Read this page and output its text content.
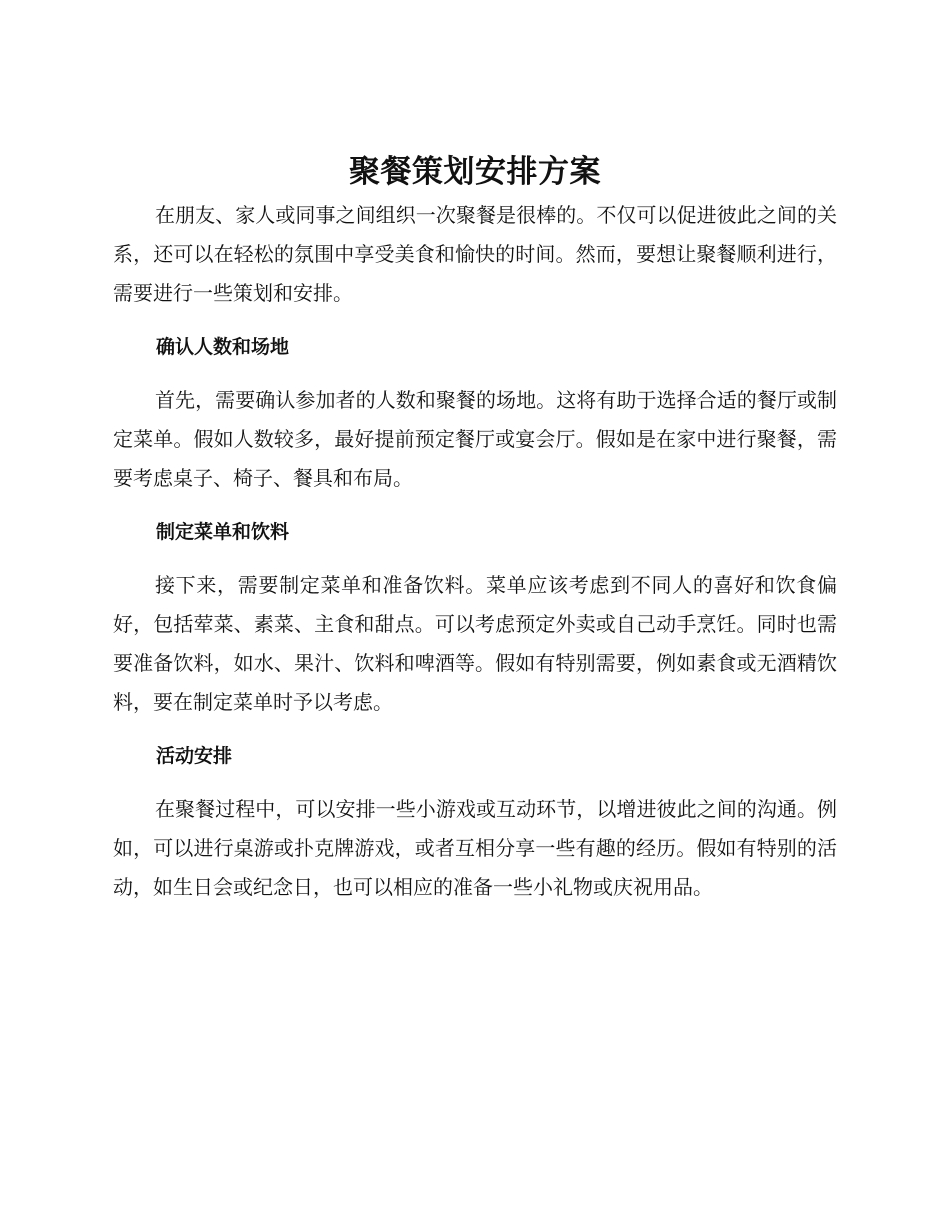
聚餐策划安排方案

在朋友、家人或同事之间组织一次聚餐是很棒的。不仅可以促进彼此之间的关系，还可以在轻松的氛围中享受美食和愉快的时间。然而，要想让聚餐顺利进行，需要进行一些策划和安排。

确认人数和场地

首先，需要确认参加者的人数和聚餐的场地。这将有助于选择合适的餐厅或制定菜单。假如人数较多，最好提前预定餐厅或宴会厅。假如是在家中进行聚餐，需要考虑桌子、椅子、餐具和布局。

制定菜单和饮料

接下来，需要制定菜单和准备饮料。菜单应该考虑到不同人的喜好和饮食偏好，包括荤菜、素菜、主食和甜点。可以考虑预定外卖或自己动手烹饪。同时也需要准备饮料，如水、果汁、饮料和啤酒等。假如有特别需要，例如素食或无酒精饮料，要在制定菜单时予以考虑。

活动安排

在聚餐过程中，可以安排一些小游戏或互动环节，以增进彼此之间的沟通。例如，可以进行桌游或扑克牌游戏，或者互相分享一些有趣的经历。假如有特别的活动，如生日会或纪念日，也可以相应的准备一些小礼物或庆祝用品。
